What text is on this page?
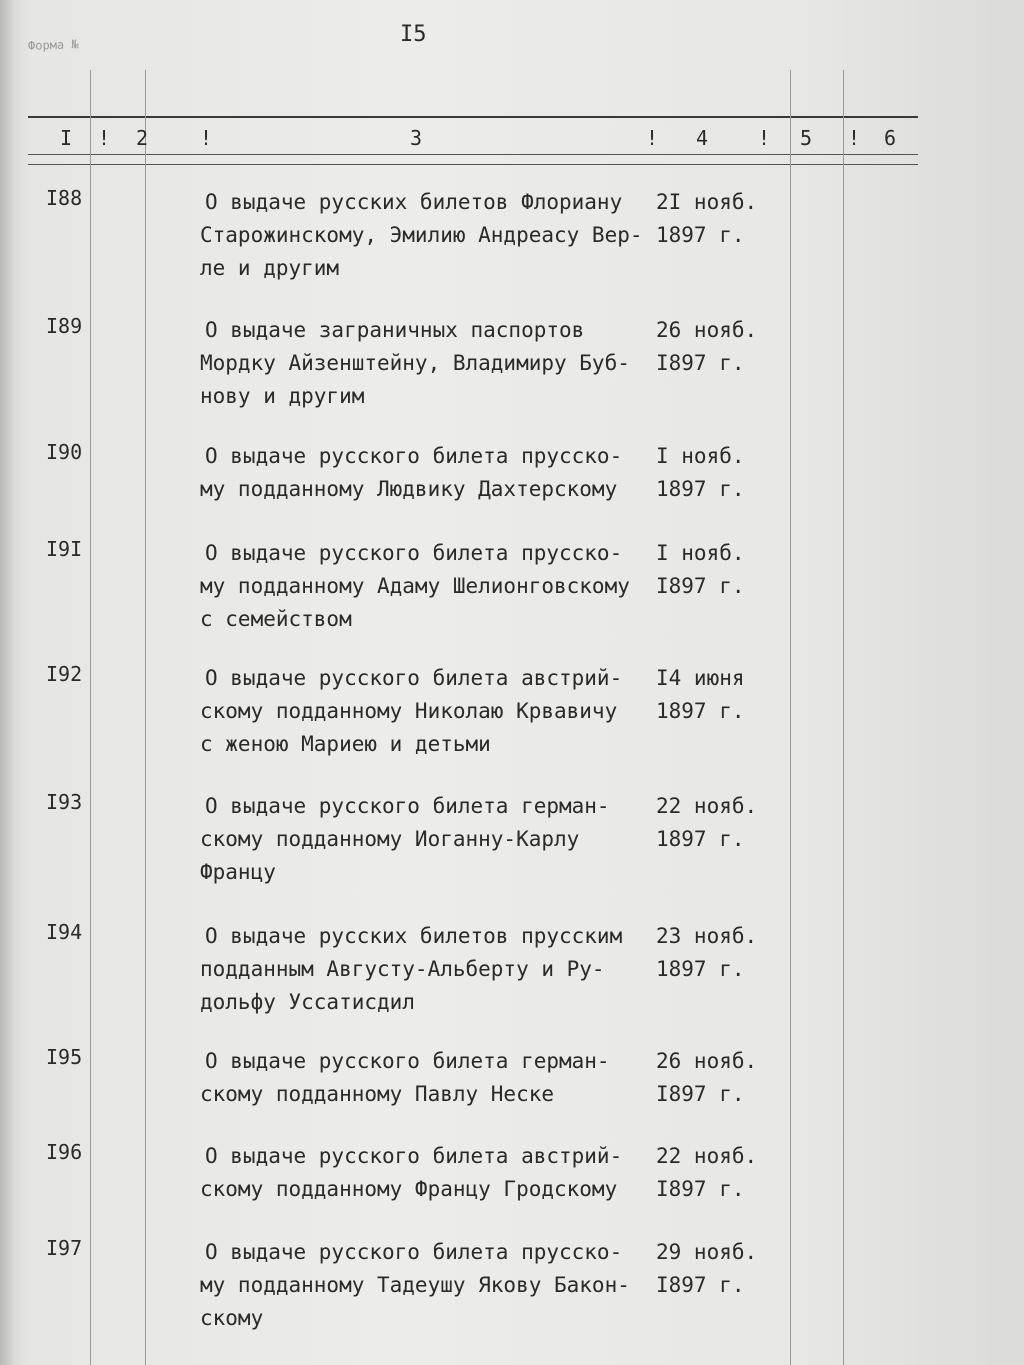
I5
Форма №
I ! 2	!	3	! 4 ! 5 ! 6
I88	О выдаче русских билетов Флориану
Старожинскому, Эмилию Андреасу Вер-
ле и другим
2I нояб.
1897 г.
I89	О выдаче заграничных паспортов
Мордку Айзенштейну, Владимиру Буб-
нову и другим
26 нояб.
I897 г.
I90	О выдаче русского билета прусско-
му подданному Людвику Дахтерскому
I нояб.
1897 г.
I9I	О выдаче русского билета прусско-
му подданному Адаму Шелионговскому
с семейством
I нояб.
I897 г.
I92	О выдаче русского билета австрий-
скому подданному Николаю Крвавичу
с женою Мариею и детьми
I4 июня
1897 г.
I93	О выдаче русского билета герман-
скому подданному Иоганну-Карлу
Францу
22 нояб.
1897 г.
I94	О выдаче русских билетов прусским
подданным Августу-Альберту и Ру-
дольфу Уссатисдил
23 нояб.
1897 г.
I95	О выдаче русского билета герман-
скому подданному Павлу Неске
26 нояб.
I897 г.
I96	О выдаче русского билета австрий-
скому подданному Францу Гродскому
22 нояб.
I897 г.
I97	О выдаче русского билета прусско-
му подданному Тадеушу Якову Бакон-
скому
29 нояб.
I897 г.
